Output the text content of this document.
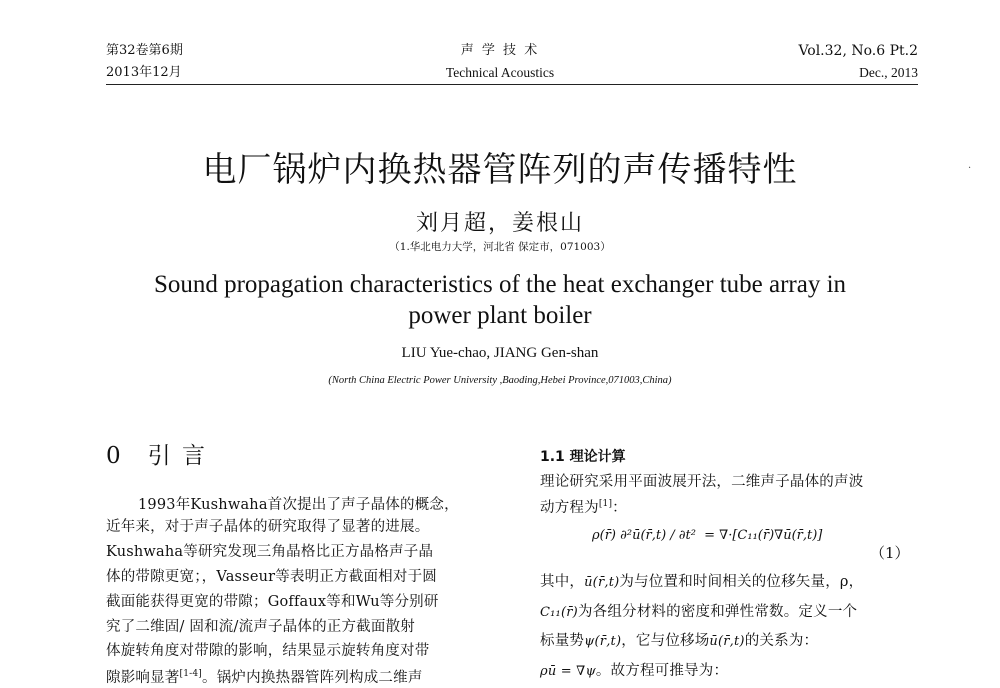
第32卷第6期
2013年12月
声 学 技 术
Technical Acoustics
Vol.32, No.6 Pt.2
Dec., 2013
电厂锅炉内换热器管阵列的声传播特性	·
刘月超，姜根山
（1.华北电力大学，河北省 保定市，071003）
Sound propagation characteristics of the heat exchanger tube array in
power plant boiler
LIU Yue-chao, JIANG Gen-shan
(North China Electric Power University ,Baoding,Hebei Province,071003,China)
0　引 言
1993年Kushwaha首次提出了声子晶体的概念，
近年来，对于声子晶体的研究取得了显著的进展。
Kushwaha等研究发现三角晶格比正方晶格声子晶
体的带隙更宽；，Vasseur等表明正方截面相对于圆
截面能获得更宽的带隙；Goffaux等和Wu等分别研
究了二维固/ 固和流/流声子晶体的正方截面散射
体旋转角度对带隙的影响，结果显示旋转角度对带
隙影响显著[1-4]。锅炉内换热器管阵列构成二维声
1.1 理论计算
理论研究采用平面波展开法，二维声子晶体的声波
动方程为[1]：
ρ(r̄) ∂²ū(r̄,t) / ∂t² = ∇·[C₁₁(r̄)∇ū(r̄,t)]
（1）
其中，ū(r̄,t)为与位置和时间相关的位移矢量，ρ，
C₁₁(r̄)为各组分材料的密度和弹性常数。定义一个
标量势ψ(r̄,t)，它与位移场ū(r̄,t)的关系为：
ρū = ∇ψ。故方程可推导为：
